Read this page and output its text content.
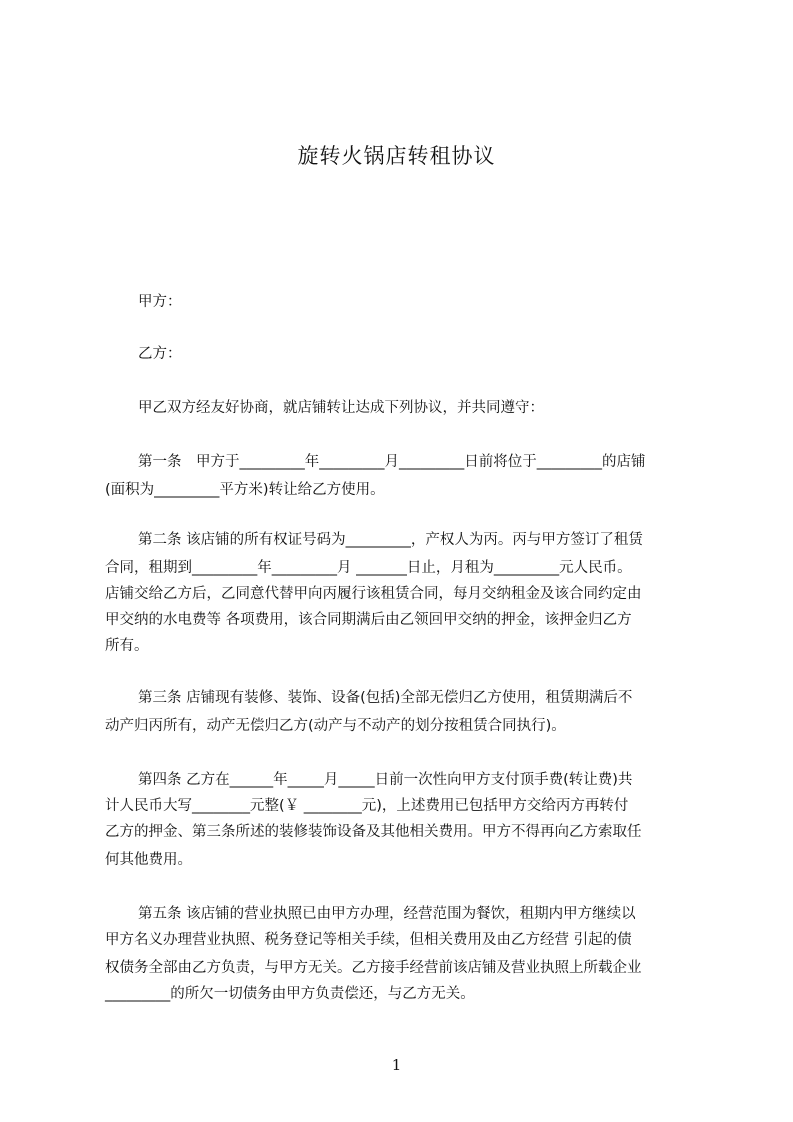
旋转火锅店转租协议
甲方：
乙方：
甲乙双方经友好协商，就店铺转让达成下列协议，并共同遵守：
第一条　甲方于_________年_________月_________日前将位于_________的店铺
(面积为_________平方米)转让给乙方使用。
第二条 该店铺的所有权证号码为_________，产权人为丙。丙与甲方签订了租赁
合同，租期到_________年_________月 _______日止，月租为_________元人民币。
店铺交给乙方后，乙同意代替甲向丙履行该租赁合同，每月交纳租金及该合同约定由
甲交纳的水电费等 各项费用，该合同期满后由乙领回甲交纳的押金，该押金归乙方
所有。
第三条 店铺现有装修、装饰、设备(包括)全部无偿归乙方使用，租赁期满后不
动产归丙所有，动产无偿归乙方(动产与不动产的划分按租赁合同执行)。
第四条 乙方在______年_____月_____日前一次性向甲方支付顶手费(转让费)共
计人民币大写________元整(￥ ________元)，上述费用已包括甲方交给丙方再转付
乙方的押金、第三条所述的装修装饰设备及其他相关费用。甲方不得再向乙方索取任
何其他费用。
第五条 该店铺的营业执照已由甲方办理，经营范围为餐饮，租期内甲方继续以
甲方名义办理营业执照、税务登记等相关手续，但相关费用及由乙方经营 引起的债
权债务全部由乙方负责，与甲方无关。乙方接手经营前该店铺及营业执照上所载企业
_________的所欠一切债务由甲方负责偿还，与乙方无关。
1
